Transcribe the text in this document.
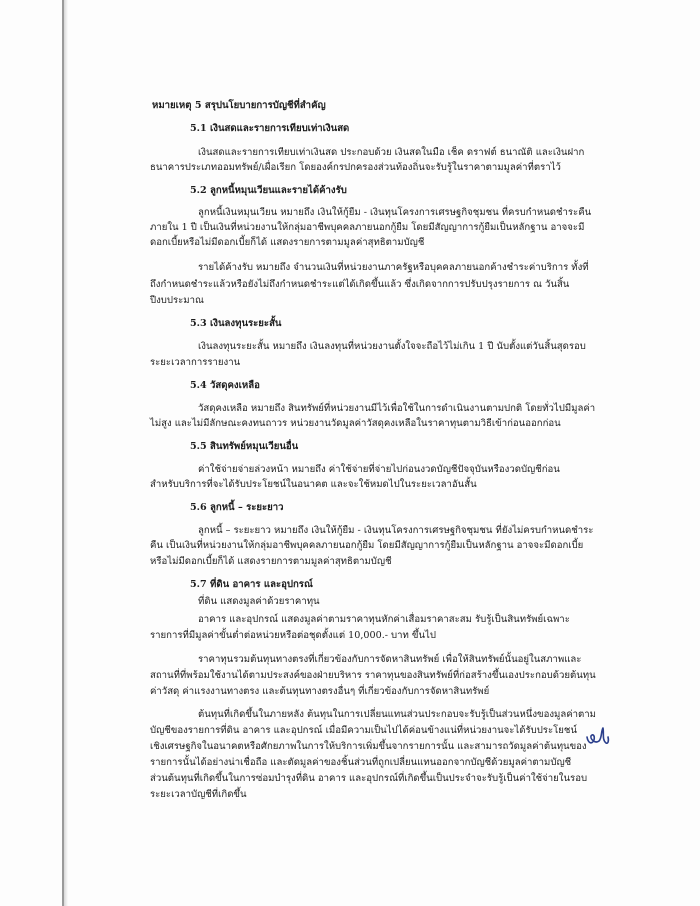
หมายเหตุ 5 สรุปนโยบายการบัญชีที่สำคัญ
5.1 เงินสดและรายการเทียบเท่าเงินสด
เงินสดและรายการเทียบเท่าเงินสด ประกอบด้วย เงินสดในมือ เช็ค ดราฟต์ ธนาณัติ และเงินฝาก
ธนาคารประเภทออมทรัพย์/เผื่อเรียก โดยองค์กรปกครองส่วนท้องถิ่นจะรับรู้ในราคาตามมูลค่าที่ตราไว้
5.2 ลูกหนี้หมุนเวียนและรายได้ค้างรับ
ลูกหนี้เงินหมุนเวียน หมายถึง เงินให้กู้ยืม - เงินทุนโครงการเศรษฐกิจชุมชน ที่ครบกำหนดชำระคืน
ภายใน 1 ปี เป็นเงินที่หน่วยงานให้กลุ่มอาชีพบุคคลภายนอกกู้ยืม โดยมีสัญญาการกู้ยืมเป็นหลักฐาน อาจจะมี
ดอกเบี้ยหรือไม่มีดอกเบี้ยก็ได้ แสดงรายการตามมูลค่าสุทธิตามบัญชี
รายได้ค้างรับ หมายถึง จำนวนเงินที่หน่วยงานภาครัฐหรือบุคคลภายนอกค้างชำระค่าบริการ ทั้งที่
ถึงกำหนดชำระแล้วหรือยังไม่ถึงกำหนดชำระแต่ได้เกิดขึ้นแล้ว ซึ่งเกิดจากการปรับปรุงรายการ ณ วันสิ้น
ปีงบประมาณ
5.3 เงินลงทุนระยะสั้น
เงินลงทุนระยะสั้น หมายถึง เงินลงทุนที่หน่วยงานตั้งใจจะถือไว้ไม่เกิน 1 ปี นับตั้งแต่วันสิ้นสุดรอบ
ระยะเวลาการรายงาน
5.4 วัสดุคงเหลือ
วัสดุคงเหลือ หมายถึง สินทรัพย์ที่หน่วยงานมีไว้เพื่อใช้ในการดำเนินงานตามปกติ โดยทั่วไปมีมูลค่า
ไม่สูง และไม่มีลักษณะคงทนถาวร หน่วยงานวัดมูลค่าวัสดุคงเหลือในราคาทุนตามวิธีเข้าก่อนออกก่อน
5.5 สินทรัพย์หมุนเวียนอื่น
ค่าใช้จ่ายจ่ายล่วงหน้า หมายถึง ค่าใช้จ่ายที่จ่ายไปก่อนงวดบัญชีปัจจุบันหรืองวดบัญชีก่อน
สำหรับบริการที่จะได้รับประโยชน์ในอนาคต และจะใช้หมดไปในระยะเวลาอันสั้น
5.6 ลูกหนี้ – ระยะยาว
ลูกหนี้ – ระยะยาว หมายถึง เงินให้กู้ยืม - เงินทุนโครงการเศรษฐกิจชุมชน ที่ยังไม่ครบกำหนดชำระ
คืน เป็นเงินที่หน่วยงานให้กลุ่มอาชีพบุคคลภายนอกกู้ยืม โดยมีสัญญาการกู้ยืมเป็นหลักฐาน อาจจะมีดอกเบี้ย
หรือไม่มีดอกเบี้ยก็ได้ แสดงรายการตามมูลค่าสุทธิตามบัญชี
5.7 ที่ดิน อาคาร และอุปกรณ์
ที่ดิน แสดงมูลค่าด้วยราคาทุน
อาคาร และอุปกรณ์ แสดงมูลค่าตามราคาทุนหักค่าเสื่อมราคาสะสม รับรู้เป็นสินทรัพย์เฉพาะ
รายการที่มีมูลค่าขั้นต่ำต่อหน่วยหรือต่อชุดตั้งแต่ 10,000.- บาท ขึ้นไป
ราคาทุนรวมต้นทุนทางตรงที่เกี่ยวข้องกับการจัดหาสินทรัพย์ เพื่อให้สินทรัพย์นั้นอยู่ในสภาพและ
สถานที่ที่พร้อมใช้งานได้ตามประสงค์ของฝ่ายบริหาร ราคาทุนของสินทรัพย์ที่ก่อสร้างขึ้นเองประกอบด้วยต้นทุน
ค่าวัสดุ ค่าแรงงานทางตรง และต้นทุนทางตรงอื่นๆ ที่เกี่ยวข้องกับการจัดหาสินทรัพย์
ต้นทุนที่เกิดขึ้นในภายหลัง ต้นทุนในการเปลี่ยนแทนส่วนประกอบจะรับรู้เป็นส่วนหนึ่งของมูลค่าตาม
บัญชีของรายการที่ดิน อาคาร และอุปกรณ์ เมื่อมีความเป็นไปได้ค่อนข้างแน่ที่หน่วยงานจะได้รับประโยชน์
เชิงเศรษฐกิจในอนาคตหรือศักยภาพในการให้บริการเพิ่มขึ้นจากรายการนั้น และสามารถวัดมูลค่าต้นทุนของ
รายการนั้นได้อย่างน่าเชื่อถือ และตัดมูลค่าของชิ้นส่วนที่ถูกเปลี่ยนแทนออกจากบัญชีด้วยมูลค่าตามบัญชี
ส่วนต้นทุนที่เกิดขึ้นในการซ่อมบำรุงที่ดิน อาคาร และอุปกรณ์ที่เกิดขึ้นเป็นประจำจะรับรู้เป็นค่าใช้จ่ายในรอบ
ระยะเวลาบัญชีที่เกิดขึ้น
